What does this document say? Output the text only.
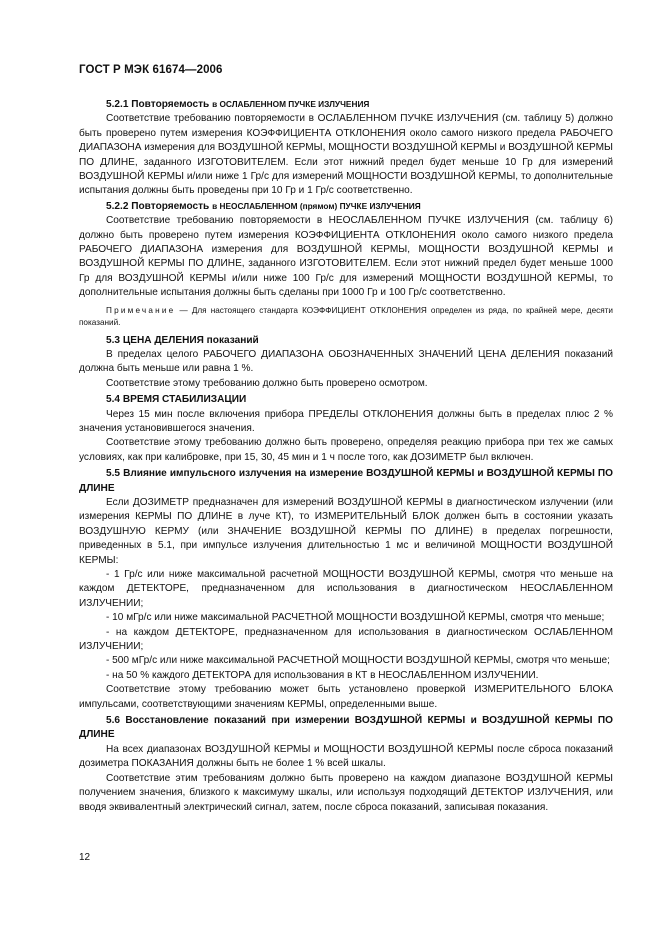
ГОСТ Р МЭК 61674—2006

5.2.1 Повторяемость в ОСЛАБЛЕННОМ ПУЧКЕ ИЗЛУЧЕНИЯ

Соответствие требованию повторяемости в ОСЛАБЛЕННОМ ПУЧКЕ ИЗЛУЧЕНИЯ (см. таблицу 5) должно быть проверено путем измерения КОЭФФИЦИЕНТА ОТКЛОНЕНИЯ около самого низкого предела РАБОЧЕГО ДИАПАЗОНА измерения для ВОЗДУШНОЙ КЕРМЫ, МОЩНОСТИ ВОЗДУШНОЙ КЕРМЫ и ВОЗДУШНОЙ КЕРМЫ ПО ДЛИНЕ, заданного ИЗГОТОВИТЕЛЕМ. Если этот нижний предел будет меньше 10 Гр для измерений ВОЗДУШНОЙ КЕРМЫ и/или ниже 1 Гр/с для измерений МОЩНОСТИ ВОЗДУШНОЙ КЕРМЫ, то дополнительные испытания должны быть проведены при 10 Гр и 1 Гр/с соответственно.

5.2.2 Повторяемость в НЕОСЛАБЛЕННОМ (прямом) ПУЧКЕ ИЗЛУЧЕНИЯ

Соответствие требованию повторяемости в НЕОСЛАБЛЕННОМ ПУЧКЕ ИЗЛУЧЕНИЯ (см. таблицу 6) должно быть проверено путем измерения КОЭФФИЦИЕНТА ОТКЛОНЕНИЯ около самого низкого предела РАБОЧЕГО ДИАПАЗОНА измерения для ВОЗДУШНОЙ КЕРМЫ, МОЩНОСТИ ВОЗДУШНОЙ КЕРМЫ и ВОЗДУШНОЙ КЕРМЫ ПО ДЛИНЕ, заданного ИЗГОТОВИТЕЛЕМ. Если этот нижний предел будет меньше 1000 Гр для ВОЗДУШНОЙ КЕРМЫ и/или ниже 100 Гр/с для измерений МОЩНОСТИ ВОЗДУШНОЙ КЕРМЫ, то дополнительные испытания должны быть сделаны при 1000 Гр и 100 Гр/с соответственно.

Примечание — Для настоящего стандарта КОЭФФИЦИЕНТ ОТКЛОНЕНИЯ определен из ряда, по крайней мере, десяти показаний.

5.3 ЦЕНА ДЕЛЕНИЯ показаний

В пределах целого РАБОЧЕГО ДИАПАЗОНА ОБОЗНАЧЕННЫХ ЗНАЧЕНИЙ ЦЕНА ДЕЛЕНИЯ показаний должна быть меньше или равна 1 %.

Соответствие этому требованию должно быть проверено осмотром.

5.4 ВРЕМЯ СТАБИЛИЗАЦИИ

Через 15 мин после включения прибора ПРЕДЕЛЫ ОТКЛОНЕНИЯ должны быть в пределах плюс 2 % значения установившегося значения.

Соответствие этому требованию должно быть проверено, определяя реакцию прибора при тех же самых условиях, как при калибровке, при 15, 30, 45 мин и 1 ч после того, как ДОЗИМЕТР был включен.

5.5 Влияние импульсного излучения на измерение ВОЗДУШНОЙ КЕРМЫ и ВОЗДУШНОЙ КЕРМЫ ПО ДЛИНЕ

Если ДОЗИМЕТР предназначен для измерений ВОЗДУШНОЙ КЕРМЫ в диагностическом излучении (или измерения КЕРМЫ ПО ДЛИНЕ в луче КТ), то ИЗМЕРИТЕЛЬНЫЙ БЛОК должен быть в состоянии указать ВОЗДУШНУЮ КЕРМУ (или ЗНАЧЕНИЕ ВОЗДУШНОЙ КЕРМЫ ПО ДЛИНЕ) в пределах погрешности, приведенных в 5.1, при импульсе излучения длительностью 1 мс и величиной МОЩНОСТИ ВОЗДУШНОЙ КЕРМЫ:

- 1 Гр/с или ниже максимальной расчетной МОЩНОСТИ ВОЗДУШНОЙ КЕРМЫ, смотря что меньше на каждом ДЕТЕКТОРЕ, предназначенном для использования в диагностическом НЕОСЛАБЛЕННОМ ИЗЛУЧЕНИИ;

- 10 мГр/с или ниже максимальной РАСЧЕТНОЙ МОЩНОСТИ ВОЗДУШНОЙ КЕРМЫ, смотря что меньше;

- на каждом ДЕТЕКТОРЕ, предназначенном для использования в диагностическом ОСЛАБЛЕННОМ ИЗЛУЧЕНИИ;

- 500 мГр/с или ниже максимальной РАСЧЕТНОЙ МОЩНОСТИ ВОЗДУШНОЙ КЕРМЫ, смотря что меньше;

- на 50 % каждого ДЕТЕКТОРА для использования в КТ в НЕОСЛАБЛЕННОМ ИЗЛУЧЕНИИ.

Соответствие этому требованию может быть установлено проверкой ИЗМЕРИТЕЛЬНОГО БЛОКА импульсами, соответствующими значениям КЕРМЫ, определенными выше.

5.6 Восстановление показаний при измерении ВОЗДУШНОЙ КЕРМЫ и ВОЗДУШНОЙ КЕРМЫ ПО ДЛИНЕ

На всех диапазонах ВОЗДУШНОЙ КЕРМЫ и МОЩНОСТИ ВОЗДУШНОЙ КЕРМЫ после сброса показаний дозиметра ПОКАЗАНИЯ должны быть не более 1 % всей шкалы.

Соответствие этим требованиям должно быть проверено на каждом диапазоне ВОЗДУШНОЙ КЕРМЫ получением значения, близкого к максимуму шкалы, или используя подходящий ДЕТЕКТОР ИЗЛУЧЕНИЯ, или вводя эквивалентный электрический сигнал, затем, после сброса показаний, записывая показания.

12
